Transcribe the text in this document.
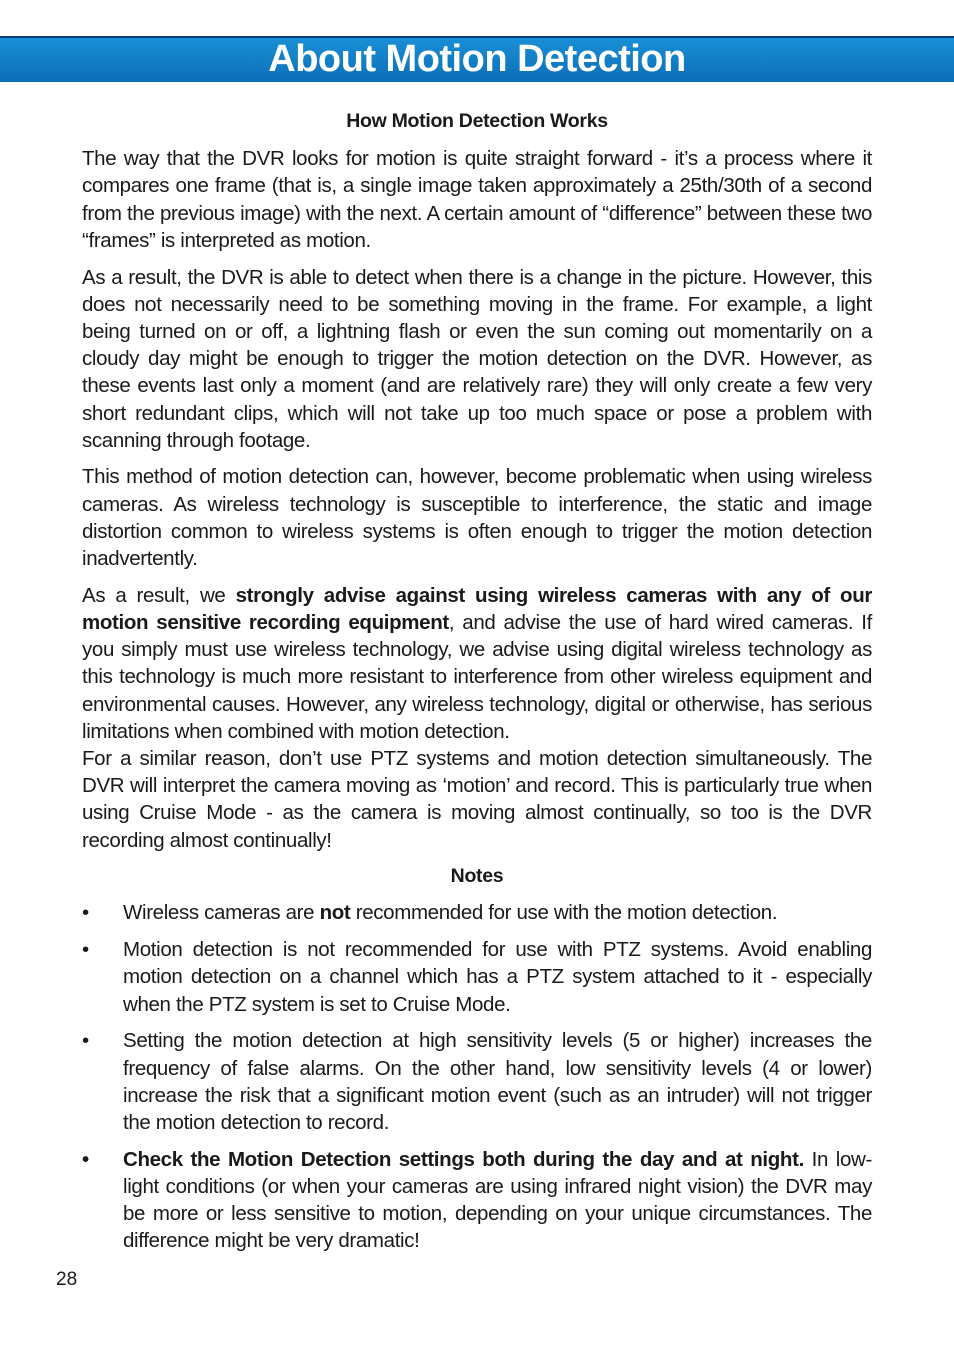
About Motion Detection
How Motion Detection Works

The way that the DVR looks for motion is quite straight forward - it’s a process where it compares one frame (that is, a single image taken approximately a 25th/30th of a second from the previous image) with the next. A certain amount of “difference” between these two “frames” is interpreted as motion.

As a result, the DVR is able to detect when there is a change in the picture. However, this does not necessarily need to be something moving in the frame. For example, a light being turned on or off, a lightning flash or even the sun coming out momentarily on a cloudy day might be enough to trigger the motion detection on the DVR. However, as these events last only a moment (and are relatively rare) they will only create a few very short redundant clips, which will not take up too much space or pose a problem with scanning through footage.

This method of motion detection can, however, become problematic when using wireless cameras. As wireless technology is susceptible to interference, the static and image distortion common to wireless systems is often enough to trigger the motion detection inadvertently.

As a result, we strongly advise against using wireless cameras with any of our motion sensitive recording equipment, and advise the use of hard wired cameras. If you simply must use wireless technology, we advise using digital wireless technology as this technology is much more resistant to interference from other wireless equipment and environmental causes. However, any wireless technology, digital or otherwise, has serious limitations when combined with motion detection.

For a similar reason, don’t use PTZ systems and motion detection simultaneously. The DVR will interpret the camera moving as ‘motion’ and record. This is particularly true when using Cruise Mode - as the camera is moving almost continually, so too is the DVR recording almost continually!

Notes
• Wireless cameras are not recommended for use with the motion detection.
• Motion detection is not recommended for use with PTZ systems. Avoid enabling motion detection on a channel which has a PTZ system attached to it - especially when the PTZ system is set to Cruise Mode.
• Setting the motion detection at high sensitivity levels (5 or higher) increases the frequency of false alarms. On the other hand, low sensitivity levels (4 or lower) increase the risk that a significant motion event (such as an intruder) will not trigger the motion detection to record.
• Check the Motion Detection settings both during the day and at night. In low-light conditions (or when your cameras are using infrared night vision) the DVR may be more or less sensitive to motion, depending on your unique circumstances. The difference might be very dramatic!
28
